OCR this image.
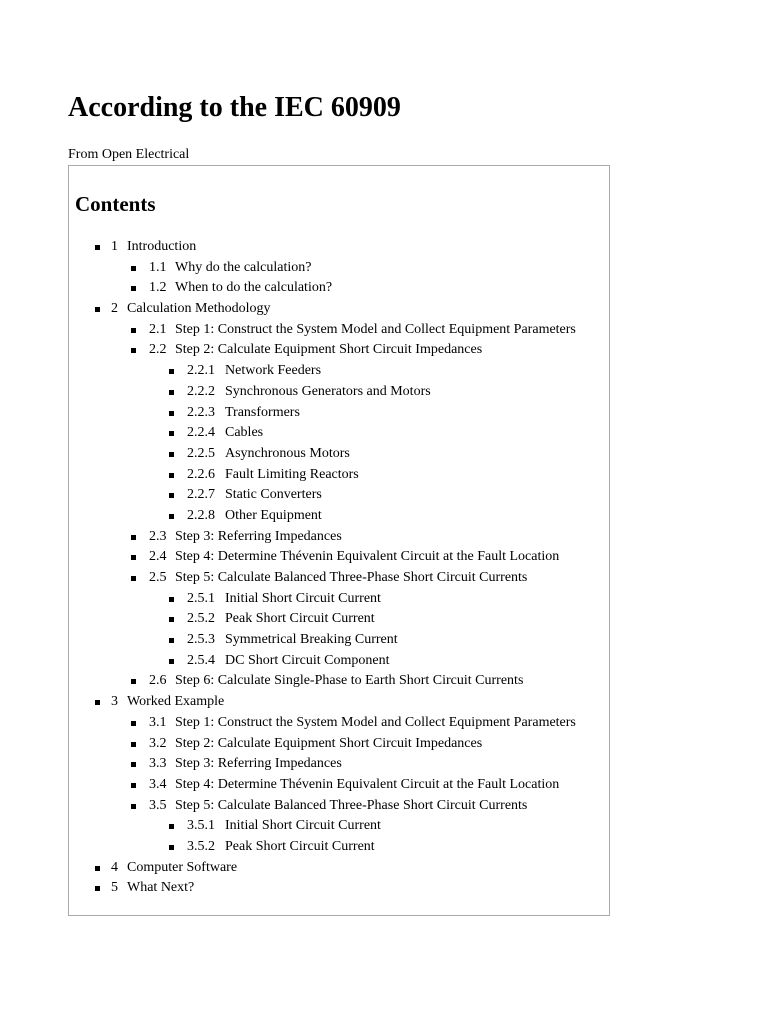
According to the IEC 60909
From Open Electrical
Contents
1 Introduction
1.1 Why do the calculation?
1.2 When to do the calculation?
2 Calculation Methodology
2.1 Step 1: Construct the System Model and Collect Equipment Parameters
2.2 Step 2: Calculate Equipment Short Circuit Impedances
2.2.1 Network Feeders
2.2.2 Synchronous Generators and Motors
2.2.3 Transformers
2.2.4 Cables
2.2.5 Asynchronous Motors
2.2.6 Fault Limiting Reactors
2.2.7 Static Converters
2.2.8 Other Equipment
2.3 Step 3: Referring Impedances
2.4 Step 4: Determine Thévenin Equivalent Circuit at the Fault Location
2.5 Step 5: Calculate Balanced Three-Phase Short Circuit Currents
2.5.1 Initial Short Circuit Current
2.5.2 Peak Short Circuit Current
2.5.3 Symmetrical Breaking Current
2.5.4 DC Short Circuit Component
2.6 Step 6: Calculate Single-Phase to Earth Short Circuit Currents
3 Worked Example
3.1 Step 1: Construct the System Model and Collect Equipment Parameters
3.2 Step 2: Calculate Equipment Short Circuit Impedances
3.3 Step 3: Referring Impedances
3.4 Step 4: Determine Thévenin Equivalent Circuit at the Fault Location
3.5 Step 5: Calculate Balanced Three-Phase Short Circuit Currents
3.5.1 Initial Short Circuit Current
3.5.2 Peak Short Circuit Current
4 Computer Software
5 What Next?
